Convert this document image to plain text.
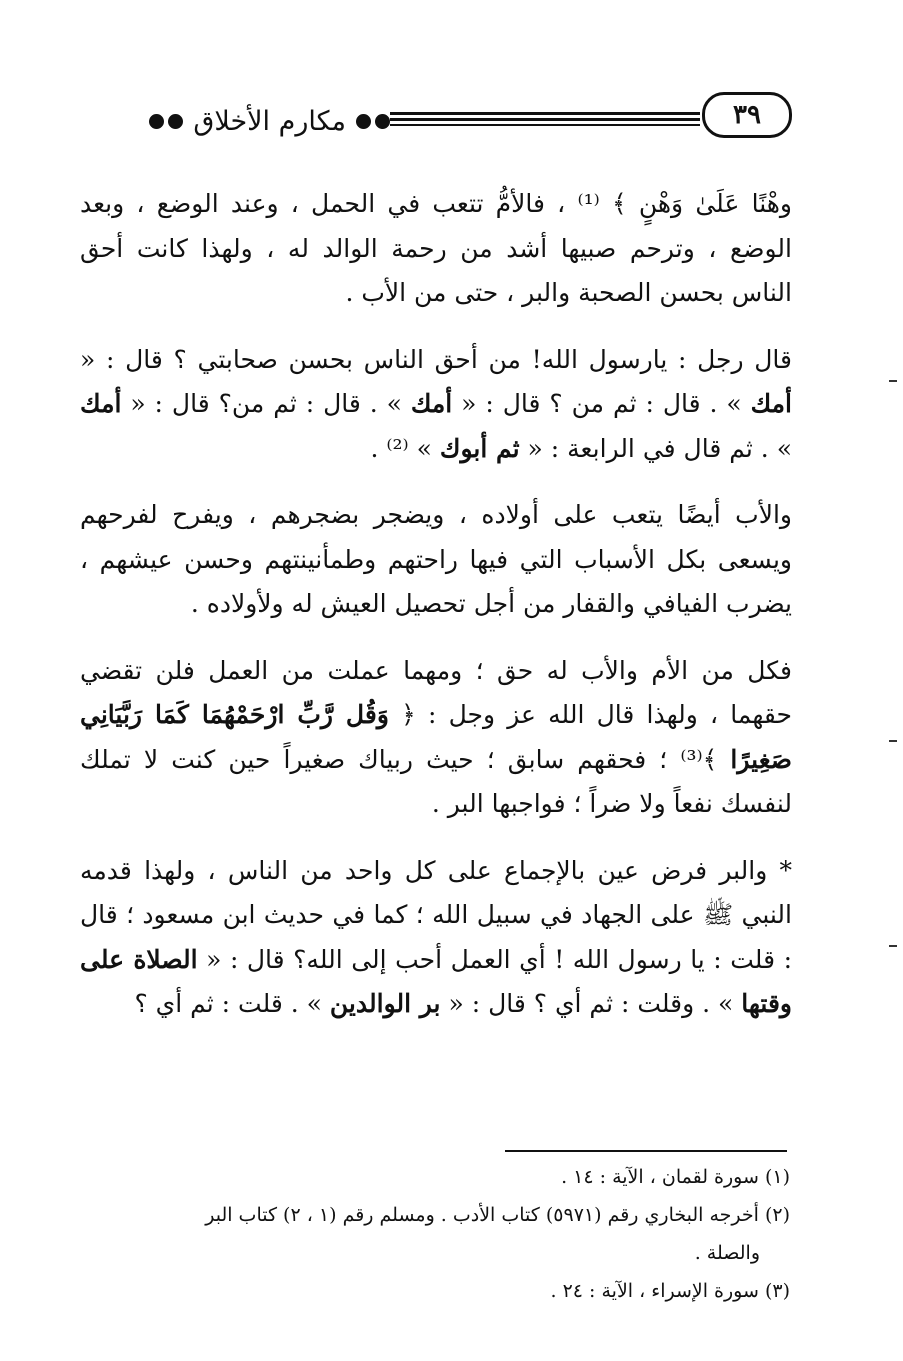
٣٩
مكارم الأخلاق

وهْنًا عَلَىٰ وَهْنٍ ﴾ ⁽¹⁾ ، فالأمُّ تتعب في الحمل ، وعند الوضع ، وبعد الوضع ، وترحم صبيها أشد من رحمة الوالد له ، ولهذا كانت أحق الناس بحسن الصحبة والبر ، حتى من الأب .

قال رجل : يارسول الله! من أحق الناس بحسن صحابتي ؟ قال : « أمك » . قال : ثم من ؟ قال : « أمك » . قال : ثم من؟ قال : « أمك » . ثم قال في الرابعة : « ثم أبوك » ⁽²⁾ .

والأب أيضًا يتعب على أولاده ، ويضجر بضجرهم ، ويفرح لفرحهم ويسعى بكل الأسباب التي فيها راحتهم وطمأنينتهم وحسن عيشهم ، يضرب الفيافي والقفار من أجل تحصيل العيش له ولأولاده .

فكل من الأم والأب له حق ؛ ومهما عملت من العمل فلن تقضي حقهما ، ولهذا قال الله عز وجل : ﴿ وَقُل رَّبِّ ارْحَمْهُمَا كَمَا رَبَّيَانِي صَغِيرًا ﴾⁽³⁾ ؛ فحقهم سابق ؛ حيث ربياك صغيراً حين كنت لا تملك لنفسك نفعاً ولا ضراً ؛ فواجبها البر .

* والبر فرض عين بالإجماع على كل واحد من الناس ، ولهذا قدمه النبي ﷺ على الجهاد في سبيل الله ؛ كما في حديث ابن مسعود ؛ قال : قلت : يا رسول الله ! أي العمل أحب إلى الله؟ قال : « الصلاة على وقتها » . وقلت : ثم أي ؟ قال : « بر الوالدين » . قلت : ثم أي ؟

(١) سورة لقمان ، الآية : ١٤ .

(٢) أخرجه البخاري رقم (٥٩٧١) كتاب الأدب . ومسلم رقم (١ ، ٢) كتاب البر

والصلة .

(٣) سورة الإسراء ، الآية : ٢٤ .
